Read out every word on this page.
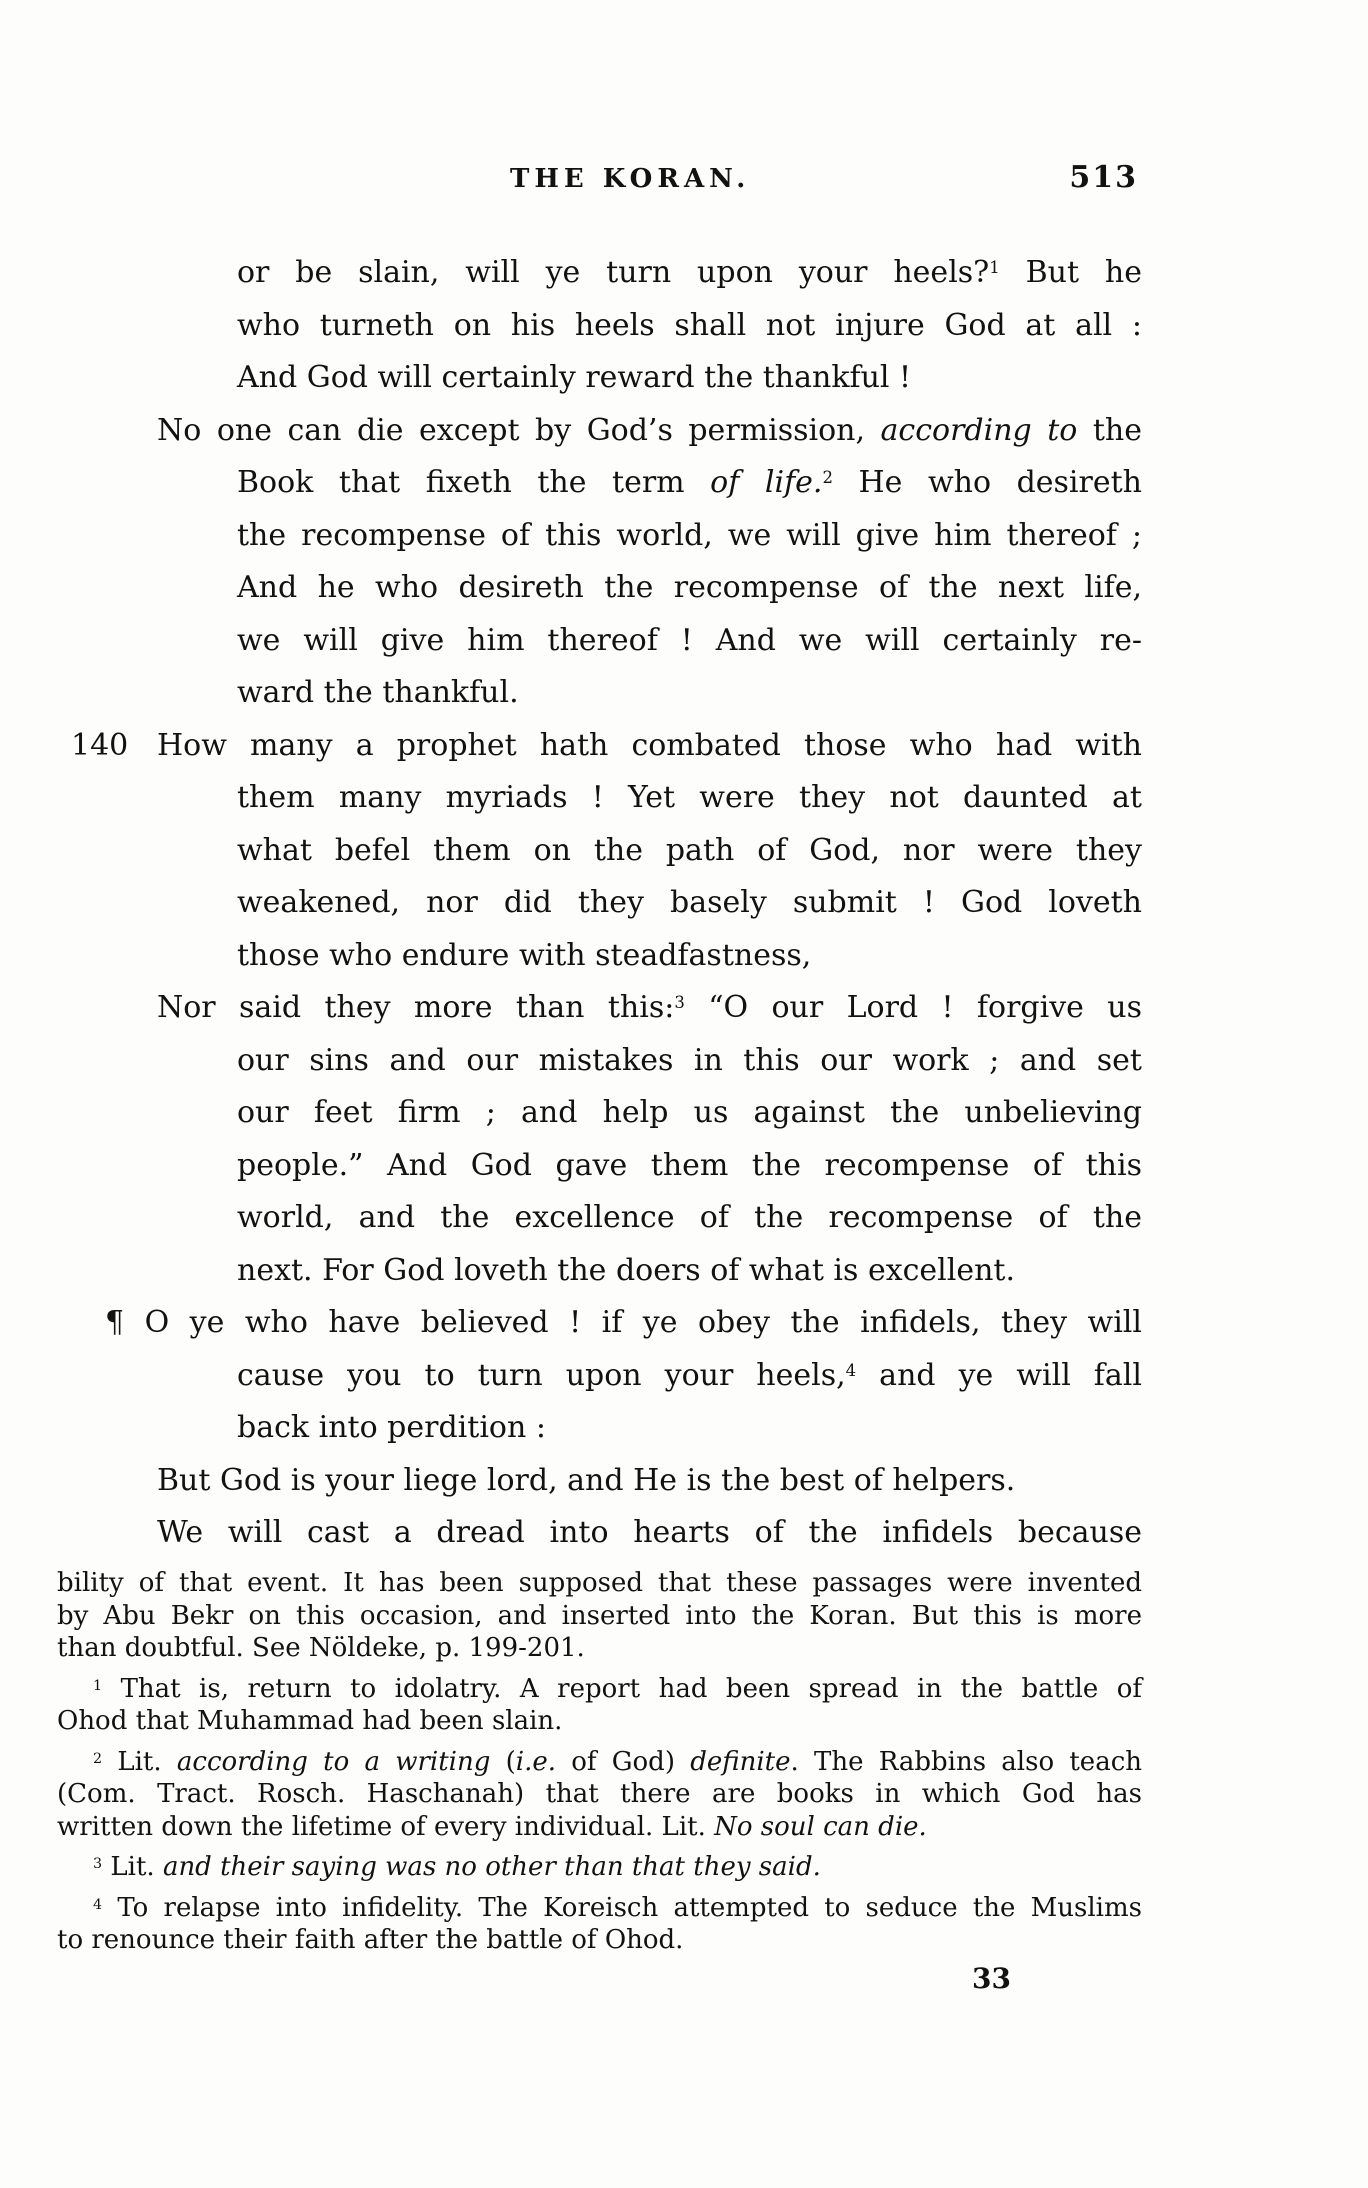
THE KORAN.	513
or be slain, will ye turn upon your heels?$^1$ But he
who turneth on his heels shall not injure God at all :
And God will certainly reward the thankful !
No one can die except by God’s permission, according to the
Book that fixeth the term of life.$^2$ He who desireth
the recompense of this world, we will give him thereof ;
And he who desireth the recompense of the next life,
we will give him thereof ! And we will certainly re-
ward the thankful.
140 How many a prophet hath combated those who had with
them many myriads ! Yet were they not daunted at
what befel them on the path of God, nor were they
weakened, nor did they basely submit ! God loveth
those who endure with steadfastness,
Nor said they more than this:$^3$ “O our Lord ! forgive us
our sins and our mistakes in this our work ; and set
our feet firm ; and help us against the unbelieving
people.” And God gave them the recompense of this
world, and the excellence of the recompense of the
next. For God loveth the doers of what is excellent.
¶ O ye who have believed ! if ye obey the infidels, they will
cause you to turn upon your heels,$^4$ and ye will fall
back into perdition :
But God is your liege lord, and He is the best of helpers.
We will cast a dread into hearts of the infidels because
bility of that event. It has been supposed that these passages were invented
by Abu Bekr on this occasion, and inserted into the Koran. But this is more
than doubtful. See Nöldeke, p. 199-201.
$^1$ That is, return to idolatry. A report had been spread in the battle of
Ohod that Muhammad had been slain.
$^2$ Lit. according to a writing (i.e. of God) definite. The Rabbins also teach
(Com. Tract. Rosch. Haschanah) that there are books in which God has
written down the lifetime of every individual. Lit. No soul can die.
$^3$ Lit. and their saying was no other than that they said.
$^4$ To relapse into infidelity. The Koreisch attempted to seduce the Muslims
to renounce their faith after the battle of Ohod.
33
